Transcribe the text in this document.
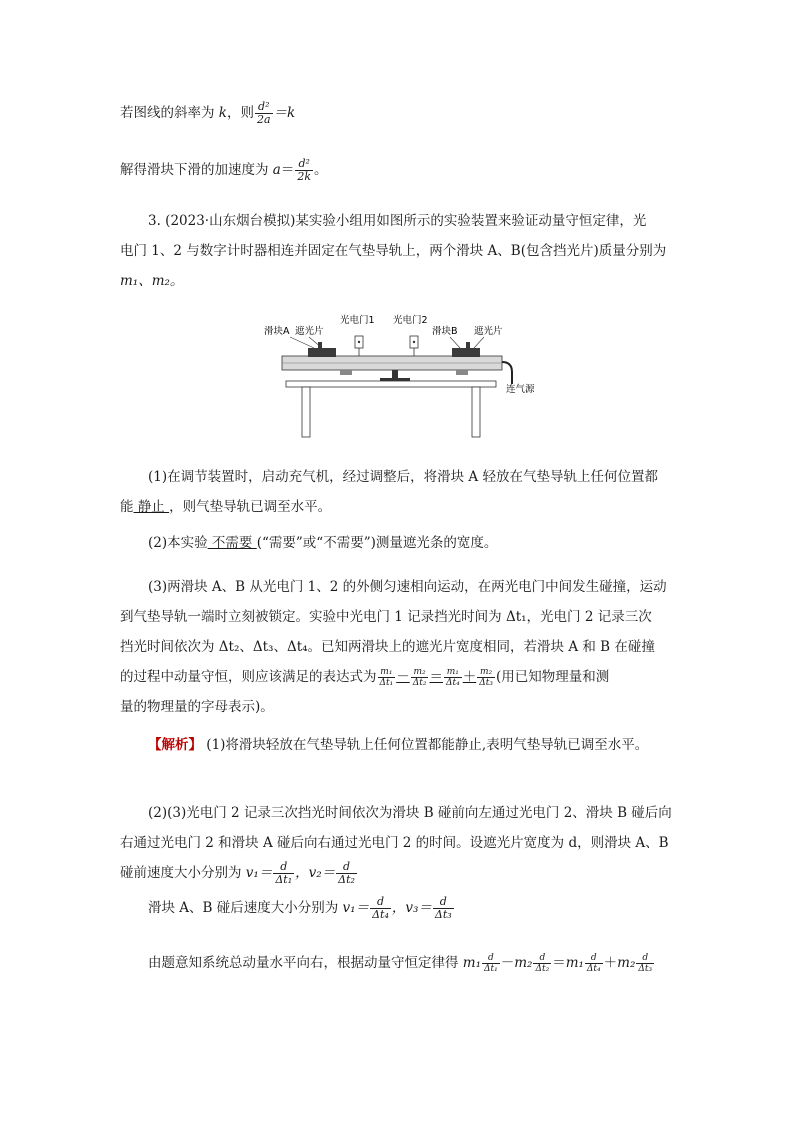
若图线的斜率为 k，则 $\frac{\text{d²}}{2a} =k$
解得滑块下滑的加速度为 $a= \frac{\text{d²}}{2k}$ 。
3. (2023·山东烟台模拟)某实验小组用如图所示的实验装置来验证动量守恒定律，光
电门 1、2 与数字计时器相连并固定在气垫导轨上，两个滑块 A、B(包含挡光片)质量分别为
m₁、m₂。
滑块A 遮光片
光电门1 光电门2
滑块B 遮光片
连气源
(1)在调节装置时，启动充气机，经过调整后，将滑块 A 轻放在气垫导轨上任何位置都
能 静止 ，则气垫导轨已调至水平。
(2)本实验 不需要 (“需要”或“不需要”)测量遮光条的宽度。
(3)两滑块 A、B 从光电门 1、2 的外侧匀速相向运动，在两光电门中间发生碰撞，运动
到气垫导轨一端时立刻被锁定。实验中光电门 1 记录挡光时间为 Δt₁，光电门 2 记录三次
挡光时间依次为 Δt₂、Δt₃、Δt₄。已知两滑块上的遮光片宽度相同，若滑块 A 和 B 在碰撞
的过程中动量守恒，则应该满足的表达式为 $\frac{\text{m₁}}{\text{Δt₁}} - \frac{\text{m₂}}{\text{Δt₂}} = \frac{\text{m₁}}{\text{Δt₄}} + \frac{\text{m₂}}{\text{Δt₃}}$ (用已知物理量和测
量的物理量的字母表示)。
【解析】 (1)将滑块轻放在气垫导轨上任何位置都能静止,表明气垫导轨已调至水平。
(2)(3)光电门 2 记录三次挡光时间依次为滑块 B 碰前向左通过光电门 2、滑块 B 碰后向
右通过光电门 2 和滑块 A 碰后向右通过光电门 2 的时间。设遮光片宽度为 d，则滑块 A、B
碰前速度大小分别为 $v_1= \frac{d}{\text{Δt₁}}$ ，$v_2= \frac{d}{\text{Δt₂}}$
滑块 A、B 碰后速度大小分别为 $v_1= \frac{d}{\text{Δt₄}}$ ，$v_3= \frac{d}{\text{Δt₃}}$
由题意知系统总动量水平向右，根据动量守恒定律得 $m_1 \frac{d}{\text{Δt₁}} -m_2 \frac{d}{\text{Δt₂}} =m_1 \frac{d}{\text{Δt₄}} +m_2 \frac{d}{\text{Δt₃}}$
